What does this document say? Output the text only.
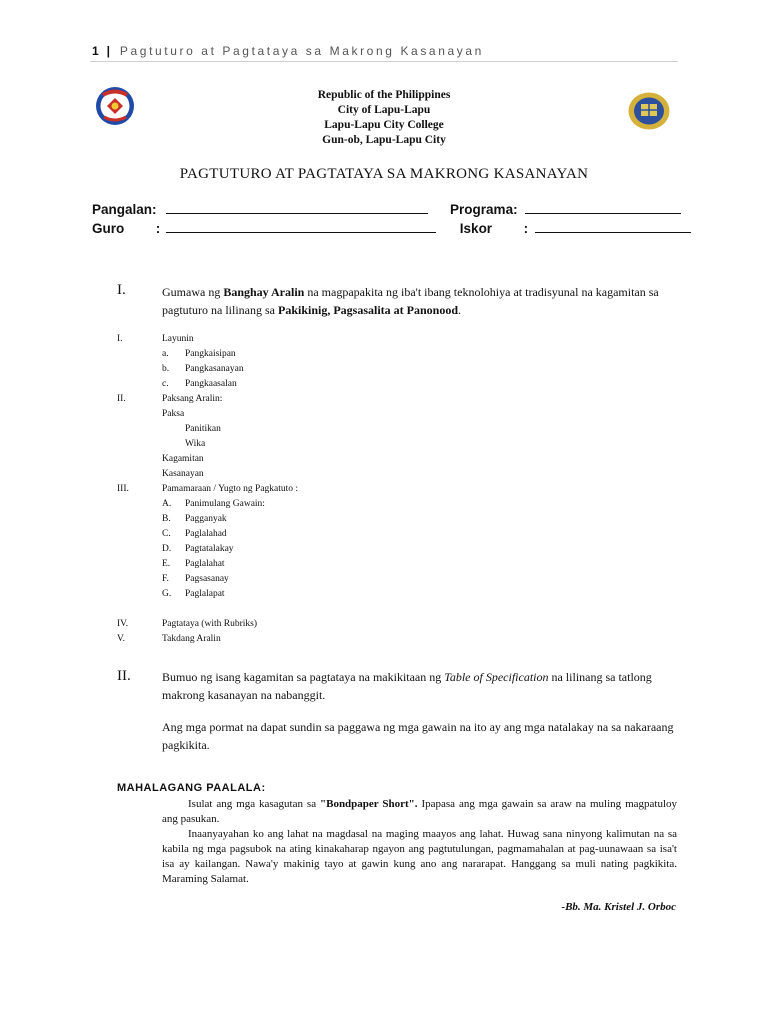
1 | Pagtuturo at Pagtataya sa Makrong Kasanayan
Republic of the Philippines
City of Lapu-Lapu
Lapu-Lapu City College
Gun-ob, Lapu-Lapu City
PAGTUTURO AT PAGTATAYA SA MAKRONG KASANAYAN
Pangalan:	Programa:
Guro :	Iskor :
I.	Gumawa ng Banghay Aralin na magpapakita ng iba't ibang teknolohiya at tradisyunal na kagamitan sa pagtuturo na lilinang sa Pakikinig, Pagsasalita at Panonood.
I.	Layunin
a. Pangkaisipan
b. Pangkasanayan
c. Pangkaasalan
II.	Paksang Aralin:
Paksa
Panitikan
Wika
Kagamitan
Kasanayan
III.	Pamamaraan / Yugto ng Pagkatuto :
A. Panimulang Gawain:
B. Pagganyak
C. Paglalahad
D. Pagtatalakay
E. Paglalahat
F. Pagsasanay
G. Paglalapat
IV.	Pagtataya (with Rubriks)
V.	Takdang Aralin
II.	Bumuo ng isang kagamitan sa pagtataya na makikitaan ng Table of Specification na lilinang sa tatlong makrong kasanayan na nabanggit.
Ang mga pormat na dapat sundin sa paggawa ng mga gawain na ito ay ang mga natalakay na sa nakaraang pagkikita.
MAHALAGANG PAALALA:

Isulat ang mga kasagutan sa "Bondpaper Short". Ipapasa ang mga gawain sa araw na muling magpatuloy ang pasukan.

Inaanyayahan ko ang lahat na magdasal na maging maayos ang lahat. Huwag sana ninyong kalimutan na sa kabila ng mga pagsubok na ating kinakaharap ngayon ang pagtutulungan, pagmamahalan at pag-uunawaan sa isa't isa ay kailangan. Nawa'y makinig tayo at gawin kung ano ang nararapat. Hanggang sa muli nating pagkikita. Maraming Salamat.

-Bb. Ma. Kristel J. Orboc
